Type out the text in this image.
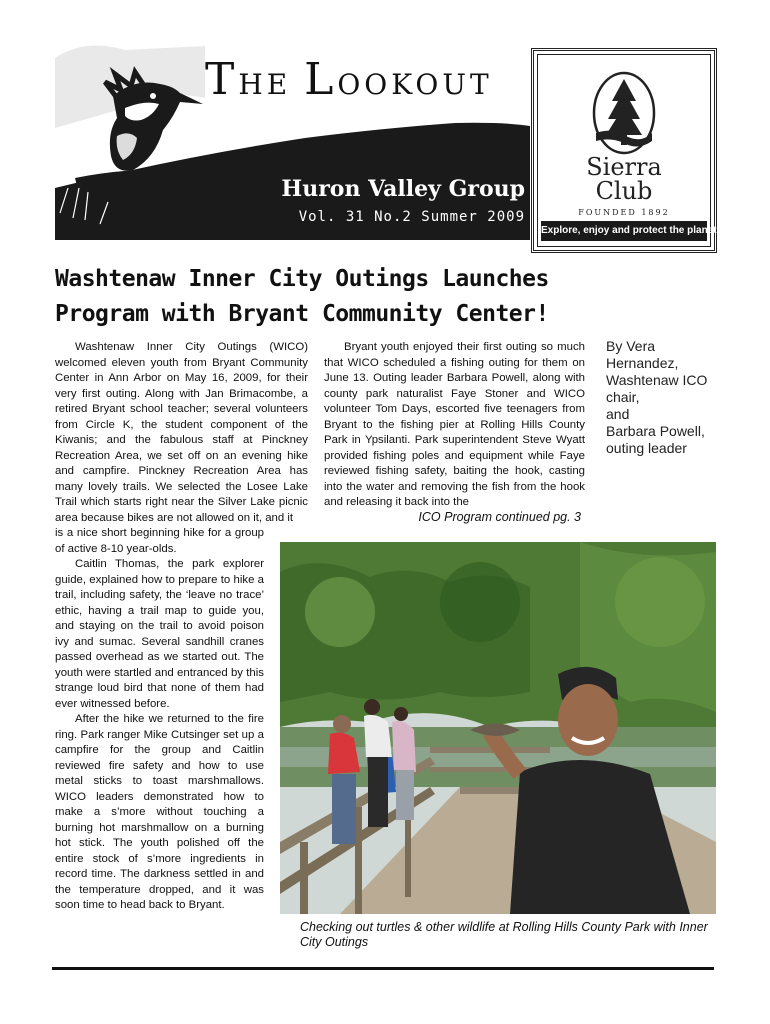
THE LOOKOUT
Huron Valley Group
Vol. 31 No.2 Summer 2009
Sierra
Club
FOUNDED 1892
Explore, enjoy and protect the planet
Washtenaw Inner City Outings Launches
Program with Bryant Community Center!

Washtenaw Inner City Outings (WICO) welcomed eleven youth from Bryant Community Center in Ann Arbor on May 16, 2009, for their very first outing. Along with Jan Brimacombe, a retired Bryant school teacher; several volunteers from Circle K, the student component of the Kiwanis; and the fabulous staff at Pinckney Recreation Area, we set off on an evening hike and campfire. Pinckney Recreation Area has many lovely trails. We selected the Losee Lake Trail which starts right near the Silver Lake picnic area because bikes are not allowed on it, and it

is a nice short beginning hike for a group of active 8-10 year-olds.

Caitlin Thomas, the park explorer guide, explained how to prepare to hike a trail, including safety, the ‘leave no trace’ ethic, having a trail map to guide you, and staying on the trail to avoid poison ivy and sumac. Several sandhill cranes passed overhead as we started out. The youth were startled and entranced by this strange loud bird that none of them had ever witnessed before.

After the hike we returned to the fire ring. Park ranger Mike Cutsinger set up a campfire for the group and Caitlin reviewed fire safety and how to use metal sticks to toast marshmallows. WICO leaders demonstrated how to make a s’more without touching a burning hot marshmallow on a burning hot stick. The youth polished off the entire stock of s’more ingredients in record time. The darkness settled in and the temperature dropped, and it was soon time to head back to Bryant.

Bryant youth enjoyed their first outing so much that WICO scheduled a fishing outing for them on June 13. Outing leader Barbara Powell, along with county park naturalist Faye Stoner and WICO volunteer Tom Days, escorted five teenagers from Bryant to the fishing pier at Rolling Hills County Park in Ypsilanti. Park superintendent Steve Wyatt provided fishing poles and equipment while Faye reviewed fishing safety, baiting the hook, casting into the water and removing the fish from the hook and releasing it back into the

ICO Program continued pg. 3
By Vera
Hernandez,
Washtenaw ICO
chair,
and
Barbara Powell,
outing leader
Checking out turtles & other wildlife at Rolling Hills County Park with Inner City Outings
